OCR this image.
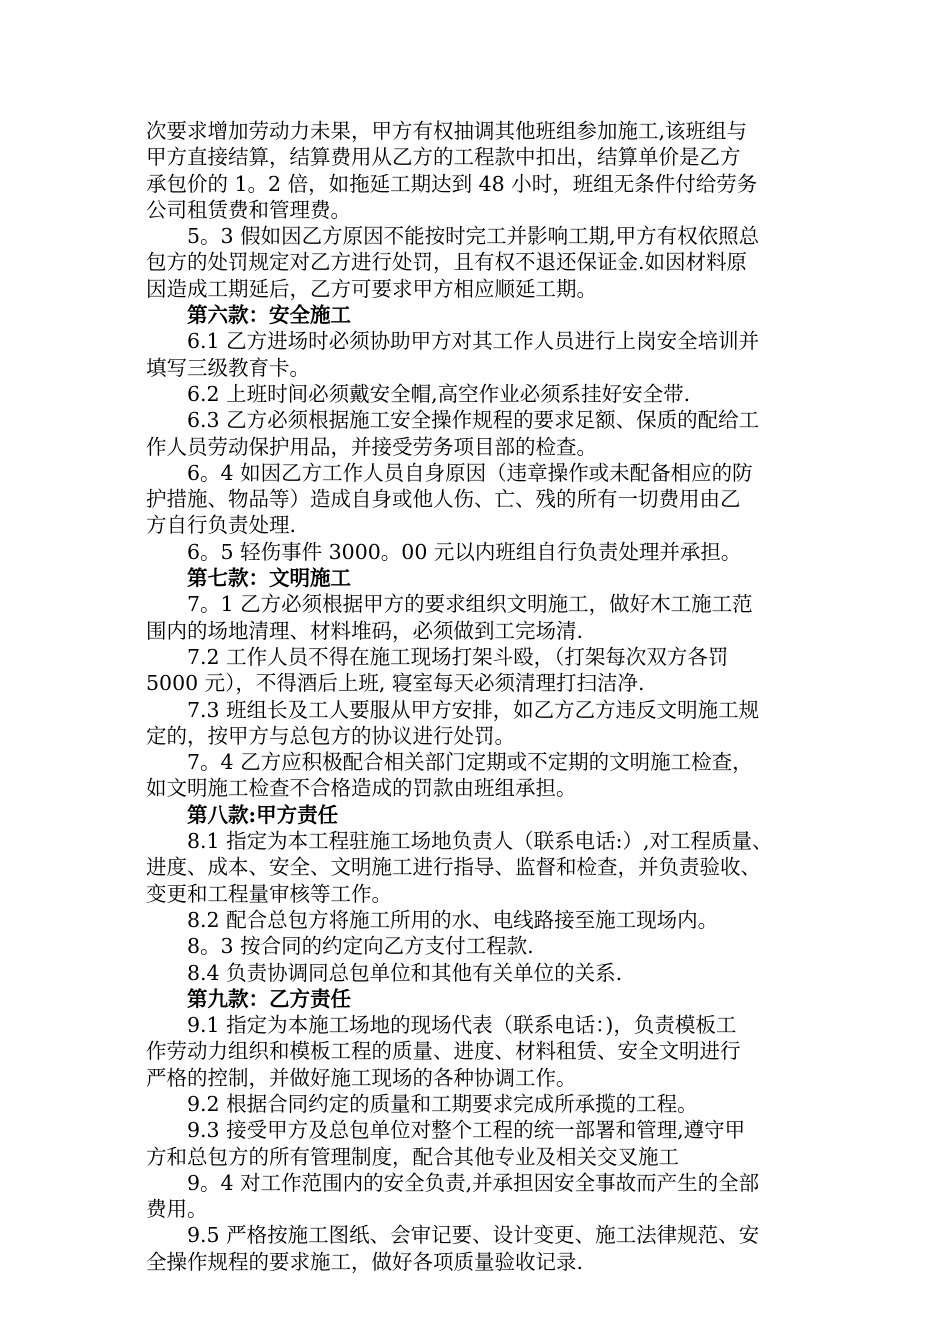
次要求增加劳动力未果，甲方有权抽调其他班组参加施工,该班组与
甲方直接结算，结算费用从乙方的工程款中扣出，结算单价是乙方
承包价的 1。2 倍，如拖延工期达到 48 小时，班组无条件付给劳务
公司租赁费和管理费。
5。3 假如因乙方原因不能按时完工并影响工期,甲方有权依照总
包方的处罚规定对乙方进行处罚，且有权不退还保证金.如因材料原
因造成工期延后，乙方可要求甲方相应顺延工期。
第六款：安全施工
6.1 乙方进场时必须协助甲方对其工作人员进行上岗安全培训并
填写三级教育卡。
6.2 上班时间必须戴安全帽,高空作业必须系挂好安全带.
6.3 乙方必须根据施工安全操作规程的要求足额、保质的配给工
作人员劳动保护用品，并接受劳务项目部的检查。
6。4 如因乙方工作人员自身原因（违章操作或未配备相应的防
护措施、物品等）造成自身或他人伤、亡、残的所有一切费用由乙
方自行负责处理.
6。5 轻伤事件 3000。00 元以内班组自行负责处理并承担。
第七款：文明施工
7。1 乙方必须根据甲方的要求组织文明施工，做好木工施工范
围内的场地清理、材料堆码，必须做到工完场清.
7.2 工作人员不得在施工现场打架斗殴，（打架每次双方各罚
5000 元），不得酒后上班, 寝室每天必须清理打扫洁净.
7.3 班组长及工人要服从甲方安排，如乙方乙方违反文明施工规
定的，按甲方与总包方的协议进行处罚。
7。4 乙方应积极配合相关部门定期或不定期的文明施工检查，
如文明施工检查不合格造成的罚款由班组承担。
第八款:甲方责任
8.1 指定为本工程驻施工场地负责人（联系电话:）,对工程质量、
进度、成本、安全、文明施工进行指导、监督和检查，并负责验收、
变更和工程量审核等工作。
8.2 配合总包方将施工所用的水、电线路接至施工现场内。
8。3 按合同的约定向乙方支付工程款.
8.4 负责协调同总包单位和其他有关单位的关系.
第九款：乙方责任
9.1 指定为本施工场地的现场代表（联系电话：)，负责模板工
作劳动力组织和模板工程的质量、进度、材料租赁、安全文明进行
严格的控制，并做好施工现场的各种协调工作。
9.2 根据合同约定的质量和工期要求完成所承揽的工程。
9.3 接受甲方及总包单位对整个工程的统一部署和管理,遵守甲
方和总包方的所有管理制度，配合其他专业及相关交叉施工
9。4 对工作范围内的安全负责,并承担因安全事故而产生的全部
费用。
9.5 严格按施工图纸、会审记要、设计变更、施工法律规范、安
全操作规程的要求施工，做好各项质量验收记录.
